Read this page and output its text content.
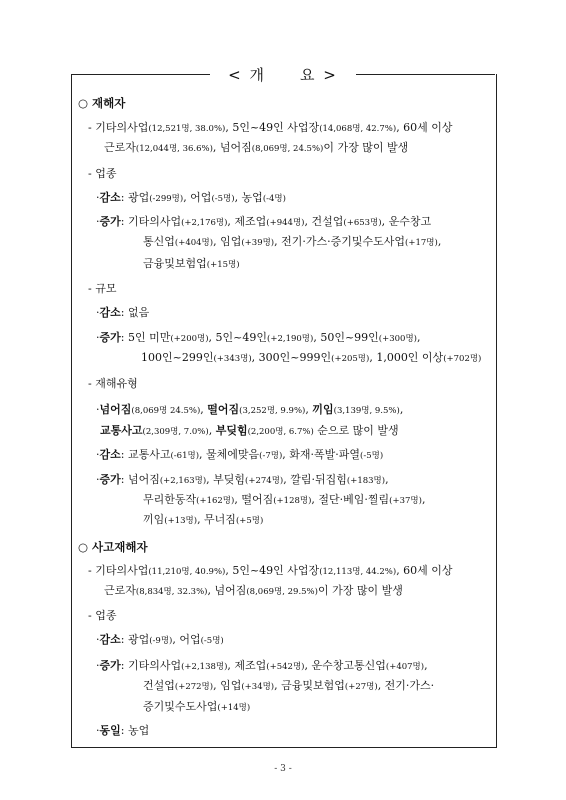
< 개　　요 >
○ 재해자
- 기타의사업(12,521명, 38.0%), 5인~49인 사업장(14,068명, 42.7%), 60세 이상
근로자(12,044명, 36.6%), 넘어짐(8,069명, 24.5%)이 가장 많이 발생
- 업종
·감소: 광업(-299명), 어업(-5명), 농업(-4명)
·증가: 기타의사업(+2,176명), 제조업(+944명), 건설업(+653명), 운수창고
통신업(+404명), 임업(+39명), 전기·가스·증기및수도사업(+17명),
금융및보험업(+15명)
- 규모
·감소: 없음
·증가: 5인 미만(+200명), 5인~49인(+2,190명), 50인~99인(+300명),
100인~299인(+343명), 300인~999인(+205명), 1,000인 이상(+702명)
- 재해유형
·넘어짐(8,069명 24.5%), 떨어짐(3,252명, 9.9%), 끼임(3,139명, 9.5%),
교통사고(2,309명, 7.0%), 부딪힘(2,200명, 6.7%) 순으로 많이 발생
·감소: 교통사고(-61명), 물체에맞음(-7명), 화재·폭발·파열(-5명)
·증가: 넘어짐(+2,163명), 부딪힘(+274명), 깔림·뒤집힘(+183명),
무리한동작(+162명), 떨어짐(+128명), 절단·베임·찔림(+37명),
끼임(+13명), 무너짐(+5명)
○ 사고재해자
- 기타의사업(11,210명, 40.9%), 5인~49인 사업장(12,113명, 44.2%), 60세 이상
근로자(8,834명, 32.3%), 넘어짐(8,069명, 29.5%)이 가장 많이 발생
- 업종
·감소: 광업(-9명), 어업(-5명)
·증가: 기타의사업(+2,138명), 제조업(+542명), 운수창고통신업(+407명),
건설업(+272명), 임업(+34명), 금융및보험업(+27명), 전기·가스·
증기및수도사업(+14명)
·동일: 농업
- 3 -
